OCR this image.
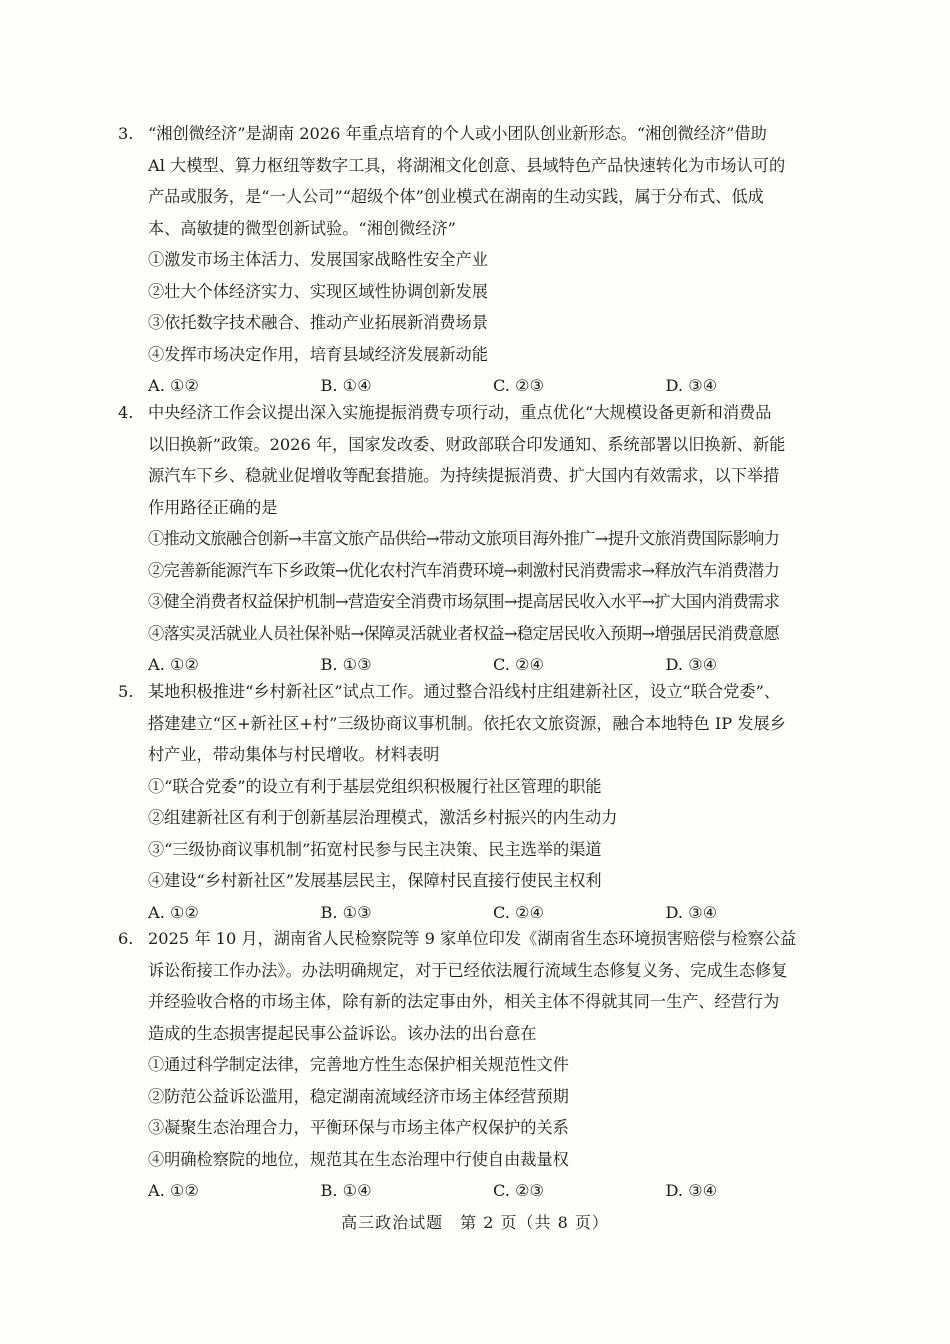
3. “湘创微经济”是湖南 2026 年重点培育的个人或小团队创业新形态。“湘创微经济”借助
Al 大模型、算力枢纽等数字工具，将湖湘文化创意、县域特色产品快速转化为市场认可的
产品或服务，是“一人公司”“超级个体”创业模式在湖南的生动实践，属于分布式、低成
本、高敏捷的微型创新试验。“湘创微经济”
①激发市场主体活力、发展国家战略性安全产业
②壮大个体经济实力、实现区域性协调创新发展
③依托数字技术融合、推动产业拓展新消费场景
④发挥市场决定作用，培育县域经济发展新动能
A. ①②	B. ①④	C. ②③	D. ③④
4. 中央经济工作会议提出深入实施提振消费专项行动，重点优化“大规模设备更新和消费品
以旧换新”政策。2026 年，国家发改委、财政部联合印发通知、系统部署以旧换新、新能
源汽车下乡、稳就业促增收等配套措施。为持续提振消费、扩大国内有效需求，以下举措
作用路径正确的是
①推动文旅融合创新→丰富文旅产品供给→带动文旅项目海外推广→提升文旅消费国际影响力
②完善新能源汽车下乡政策→优化农村汽车消费环境→刺激村民消费需求→释放汽车消费潜力
③健全消费者权益保护机制→营造安全消费市场氛围→提高居民收入水平→扩大国内消费需求
④落实灵活就业人员社保补贴→保障灵活就业者权益→稳定居民收入预期→增强居民消费意愿
A. ①②	B. ①③	C. ②④	D. ③④
5. 某地积极推进“乡村新社区”试点工作。通过整合沿线村庄组建新社区，设立“联合党委”、
搭建建立“区+新社区+村”三级协商议事机制。依托农文旅资源，融合本地特色 IP 发展乡
村产业，带动集体与村民增收。材料表明
①“联合党委”的设立有利于基层党组织积极履行社区管理的职能
②组建新社区有利于创新基层治理模式，激活乡村振兴的内生动力
③“三级协商议事机制”拓宽村民参与民主决策、民主选举的渠道
④建设“乡村新社区”发展基层民主，保障村民直接行使民主权利
A. ①②	B. ①③	C. ②④	D. ③④
6. 2025 年 10 月，湖南省人民检察院等 9 家单位印发《湖南省生态环境损害赔偿与检察公益
诉讼衔接工作办法》。办法明确规定，对于已经依法履行流域生态修复义务、完成生态修复
并经验收合格的市场主体，除有新的法定事由外，相关主体不得就其同一生产、经营行为
造成的生态损害提起民事公益诉讼。该办法的出台意在
①通过科学制定法律，完善地方性生态保护相关规范性文件
②防范公益诉讼滥用，稳定湖南流域经济市场主体经营预期
③凝聚生态治理合力，平衡环保与市场主体产权保护的关系
④明确检察院的地位，规范其在生态治理中行使自由裁量权
A. ①②	B. ①④	C. ②③	D. ③④
高三政治试题　第 2 页（共 8 页）
